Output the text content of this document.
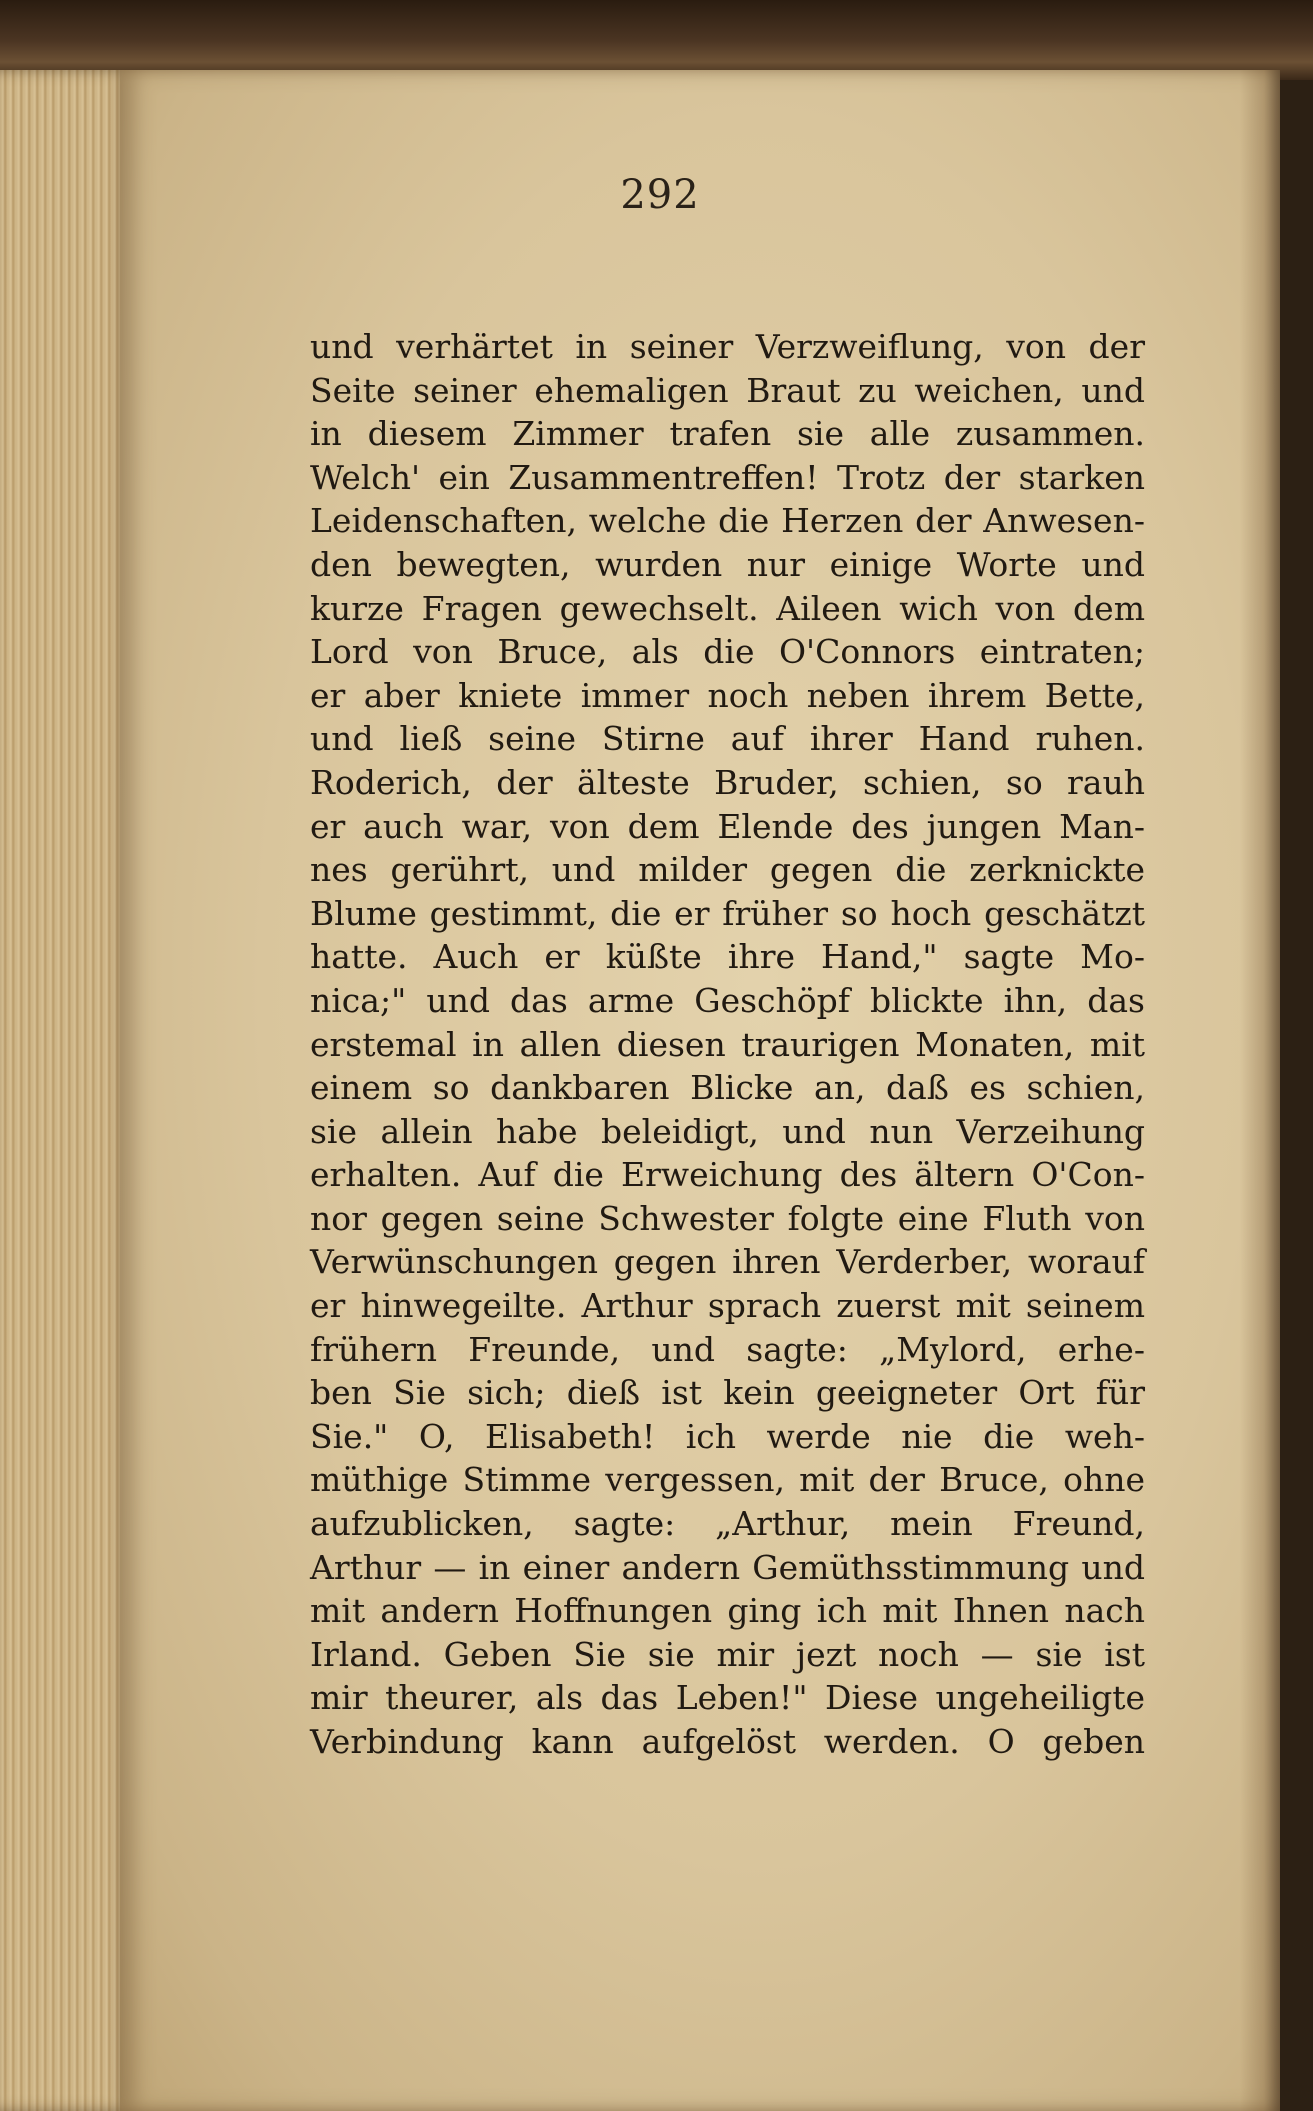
292
und verhärtet in seiner Verzweiflung, von der
Seite seiner ehemaligen Braut zu weichen, und
in diesem Zimmer trafen sie alle zusammen.
Welch' ein Zusammentreffen! Trotz der starken
Leidenschaften, welche die Herzen der Anwesen-
den bewegten, wurden nur einige Worte und
kurze Fragen gewechselt. Aileen wich von dem
Lord von Bruce, als die O'Connors eintraten;
er aber kniete immer noch neben ihrem Bette,
und ließ seine Stirne auf ihrer Hand ruhen.
Roderich, der älteste Bruder, schien, so rauh
er auch war, von dem Elende des jungen Man-
nes gerührt, und milder gegen die zerknickte
Blume gestimmt, die er früher so hoch geschätzt
hatte. Auch er küßte ihre Hand," sagte Mo-
nica;" und das arme Geschöpf blickte ihn, das
erstemal in allen diesen traurigen Monaten, mit
einem so dankbaren Blicke an, daß es schien,
sie allein habe beleidigt, und nun Verzeihung
erhalten. Auf die Erweichung des ältern O'Con-
nor gegen seine Schwester folgte eine Fluth von
Verwünschungen gegen ihren Verderber, worauf
er hinwegeilte. Arthur sprach zuerst mit seinem
frühern Freunde, und sagte: „Mylord, erhe-
ben Sie sich; dieß ist kein geeigneter Ort für
Sie." O, Elisabeth! ich werde nie die weh-
müthige Stimme vergessen, mit der Bruce, ohne
aufzublicken, sagte: „Arthur, mein Freund,
Arthur — in einer andern Gemüthsstimmung und
mit andern Hoffnungen ging ich mit Ihnen nach
Irland. Geben Sie sie mir jezt noch — sie ist
mir theurer, als das Leben!" Diese ungeheiligte
Verbindung kann aufgelöst werden. O geben
